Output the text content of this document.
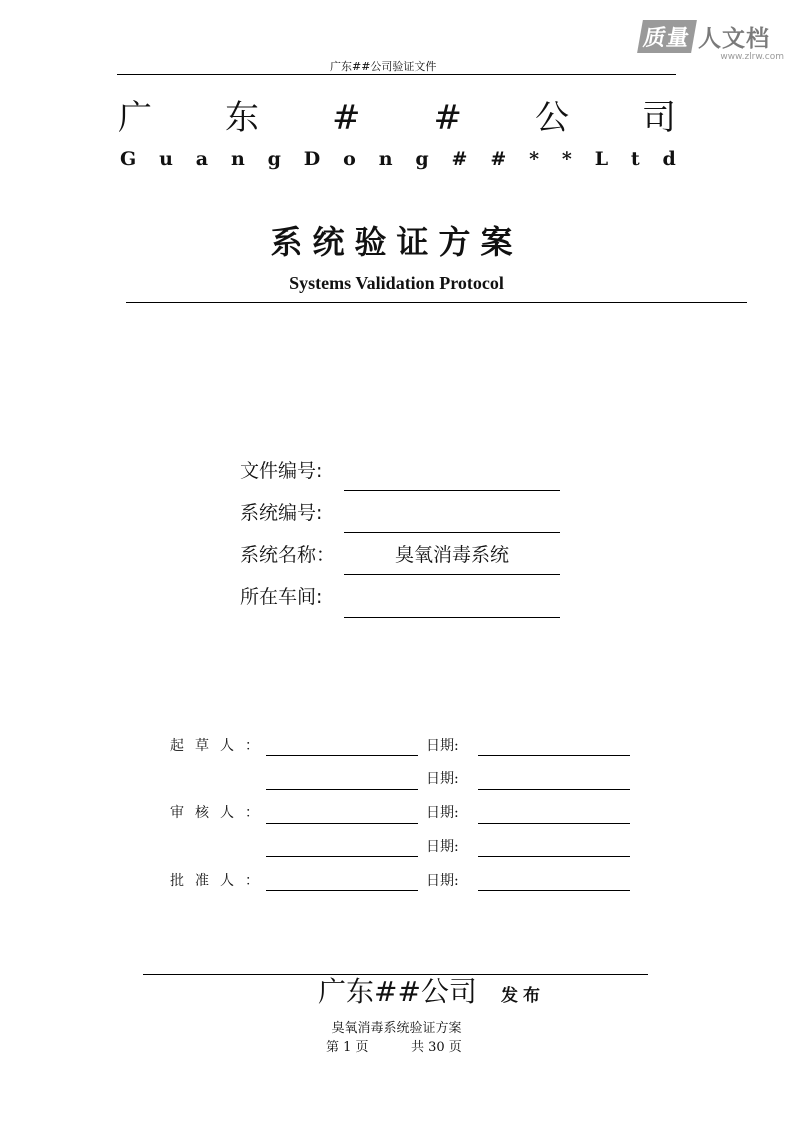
质量 人文档
www.zlrw.com
广东##公司验证文件
广 东 # # 公 司
G u a n g D o n g # # * * L t d
系统验证方案
Systems Validation Protocol
文件编号:
系统编号:
系统名称：	臭氧消毒系统
所在车间:
起草人：	日期:
日期:
审核人：	日期:
日期:
批准人：	日期:
广东##公司 发布
臭氧消毒系统验证方案
第 1 页	共 30 页
